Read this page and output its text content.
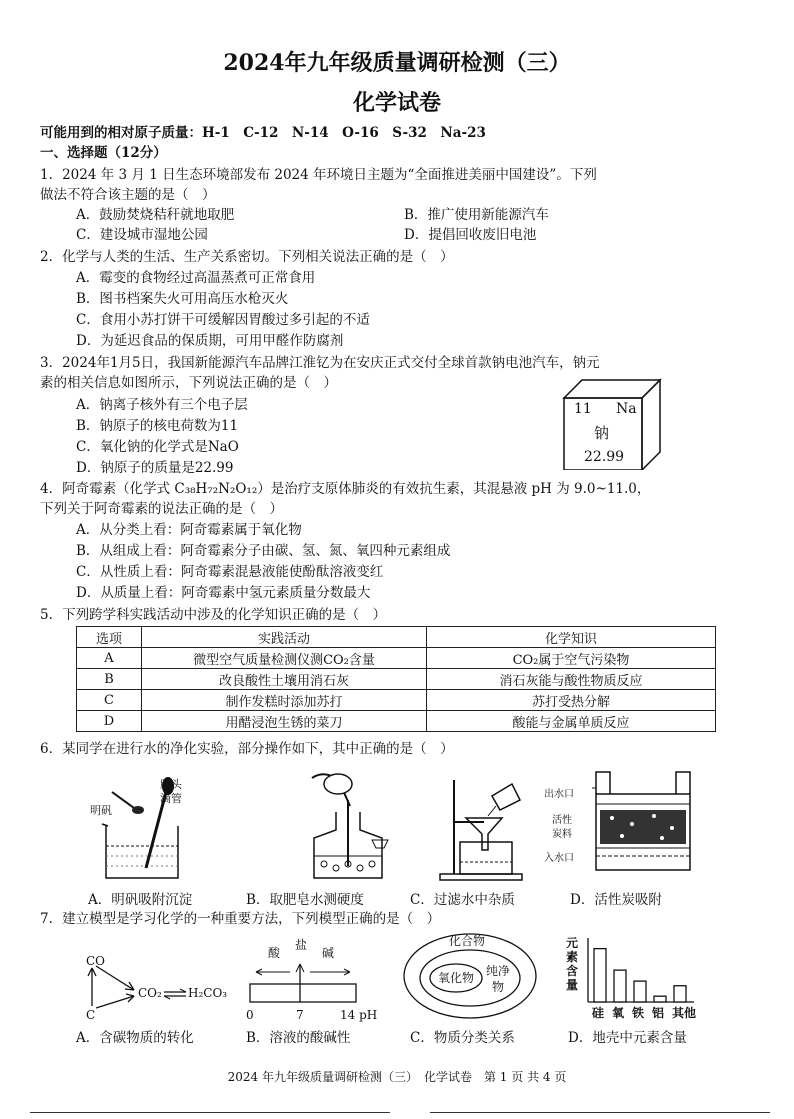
2024年九年级质量调研检测（三）
化学试卷
可能用到的相对原子质量：H-1　C-12　N-14　O-16　S-32　Na-23
一、选择题（12分）
1．2024 年 3 月 1 日生态环境部发布 2024 年环境日主题为“全面推进美丽中国建设”。下列
做法不符合该主题的是（　）
A．鼓励焚烧秸秆就地取肥	B．推广使用新能源汽车
C．建设城市湿地公园	D．提倡回收废旧电池
2．化学与人类的生活、生产关系密切。下列相关说法正确的是（　）
A．霉变的食物经过高温蒸煮可正常食用
B．图书档案失火可用高压水枪灭火
C．食用小苏打饼干可缓解因胃酸过多引起的不适
D．为延迟食品的保质期，可用甲醛作防腐剂
3．2024年1月5日，我国新能源汽车品牌江淮钇为在安庆正式交付全球首款钠电池汽车，钠元
素的相关信息如图所示，下列说法正确的是（　）
A．钠离子核外有三个电子层
B．钠原子的核电荷数为11
C．氧化钠的化学式是NaO
D．钠原子的质量是22.99
11 Na
钠
22.99
4．阿奇霉素（化学式 C₃₈H₇₂N₂O₁₂）是治疗支原体肺炎的有效抗生素，其混悬液 pH 为 9.0~11.0，
下列关于阿奇霉素的说法正确的是（　）
A．从分类上看：阿奇霉素属于氧化物
B．从组成上看：阿奇霉素分子由碳、氢、氮、氧四种元素组成
C．从性质上看：阿奇霉素混悬液能使酚酞溶液变红
D．从质量上看：阿奇霉素中氢元素质量分数最大
5．下列跨学科实践活动中涉及的化学知识正确的是（　）
选项	实践活动	化学知识
A	微型空气质量检测仪测CO₂含量	CO₂属于空气污染物
B	改良酸性土壤用消石灰	消石灰能与酸性物质反应
C	制作发糕时添加苏打	苏打受热分解
D	用醋浸泡生锈的菜刀	酸能与金属单质反应
6．某同学在进行水的净化实验，部分操作如下，其中正确的是（　）
明矾
胶头
滴管	出水口
活性
炭料
入水口
A．明矾吸附沉淀	B．取肥皂水测硬度	C．过滤水中杂质	D．活性炭吸附
7．建立模型是学习化学的一种重要方法，下列模型正确的是（　）
CO
CO₂ H₂CO₃
C
酸
盐
碱
0	7	14 pH
化合物
氧化物 纯净
物
元素含量
硅 氧 铁 铝 其他
A．含碳物质的转化	B．溶液的酸碱性	C．物质分类关系	D．地壳中元素含量
2024 年九年级质量调研检测（三）　化学试卷　第 1 页 共 4 页
